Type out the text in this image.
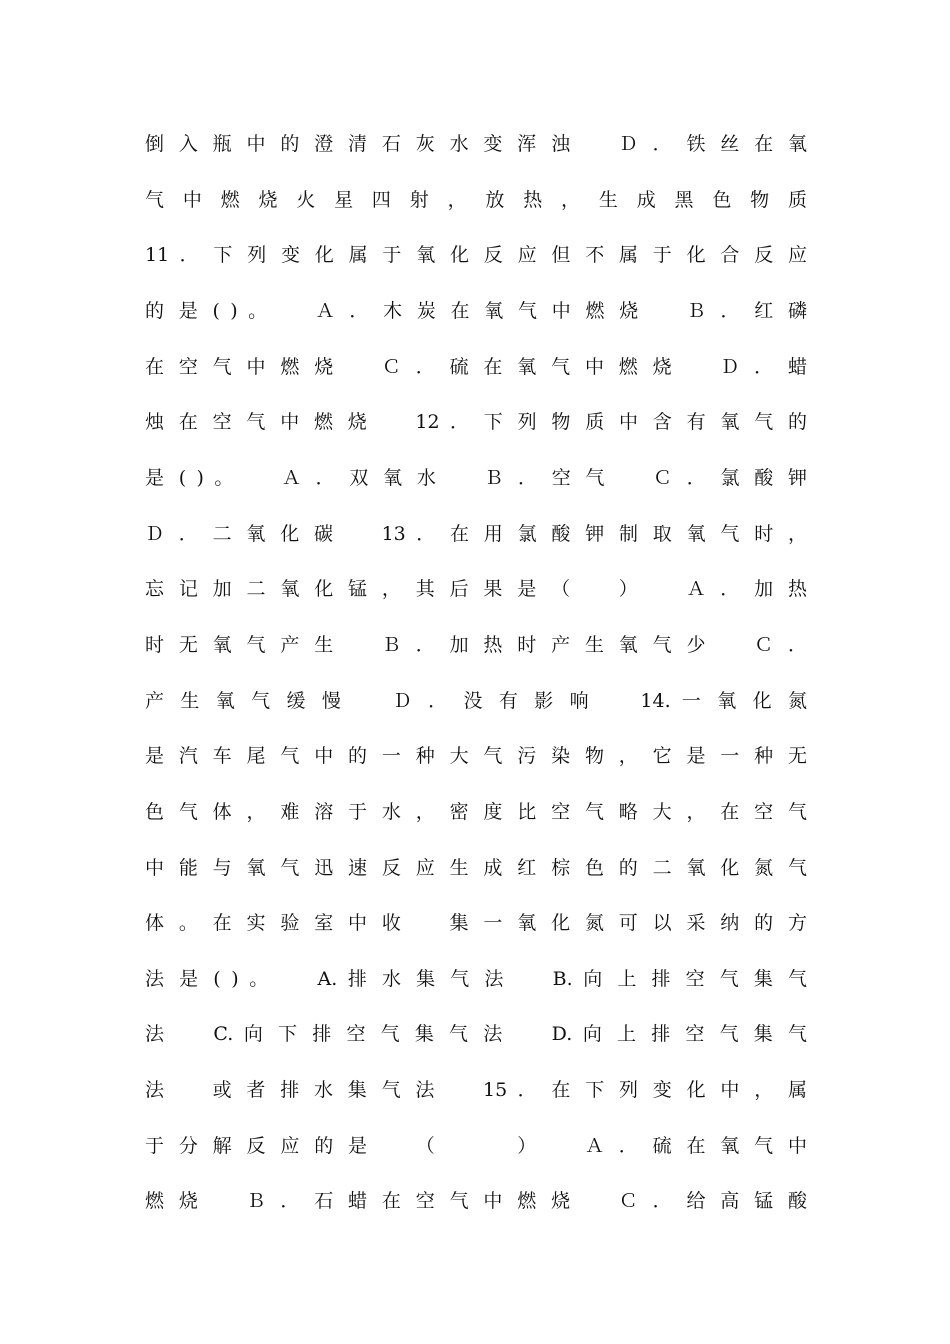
倒 入 瓶 中 的 澄 清 石 灰 水 变 浑 浊 　 Ｄ ． 铁 丝 在 氧
气 中 燃 烧 火 星 四 射 ， 放 热 ， 生 成 黑 色 物 质 　
11 ． 下 列 变 化 属 于 氧 化 反 应 但 不 属 于 化 合 反 应
的 是 ( ) 。 　 Ａ ． 木 炭 在 氧 气 中 燃 烧 　 Ｂ ． 红 磷
在 空 气 中 燃 烧 　 Ｃ ． 硫 在 氧 气 中 燃 烧 　 Ｄ ． 蜡
烛 在 空 气 中 燃 烧 　 12 ． 下 列 物 质 中 含 有 氧 气 的
是 ( ) 。 　 Ａ ． 双 氧 水 　 Ｂ ． 空 气 　 Ｃ ． 氯 酸 钾
Ｄ ． 二 氧 化 碳 　 13 ． 在 用 氯 酸 钾 制 取 氧 气 时 ，
忘 记 加 二 氧 化 锰 ， 其 后 果 是 （ 　 ） 　 Ａ ． 加 热
时 无 氧 气 产 生 　 Ｂ ． 加 热 时 产 生 氧 气 少 　 Ｃ ．
产 生 氧 气 缓 慢 　 Ｄ ． 没 有 影 响 　 14. 一 氧 化 氮
是 汽 车 尾 气 中 的 一 种 大 气 污 染 物 ， 它 是 一 种 无
色 气 体 ， 难 溶 于 水 ， 密 度 比 空 气 略 大 ， 在 空 气
中 能 与 氧 气 迅 速 反 应 生 成 红 棕 色 的 二 氧 化 氮 气
体 。 在 实 验 室 中 收 　 集 一 氧 化 氮 可 以 采 纳 的 方
法 是 ( ) 。 　 A. 排 水 集 气 法 　 B. 向 上 排 空 气 集 气
法 　 C. 向 下 排 空 气 集 气 法 　 D. 向 上 排 空 气 集 气
法 　 或 者 排 水 集 气 法 　 15 ． 在 下 列 变 化 中 ， 属
于 分 解 反 应 的 是 　 （ 　 　 ） 　 Ａ ． 硫 在 氧 气 中
燃 烧 　 Ｂ ． 石 蜡 在 空 气 中 燃 烧 　 Ｃ ． 给 高 锰 酸
